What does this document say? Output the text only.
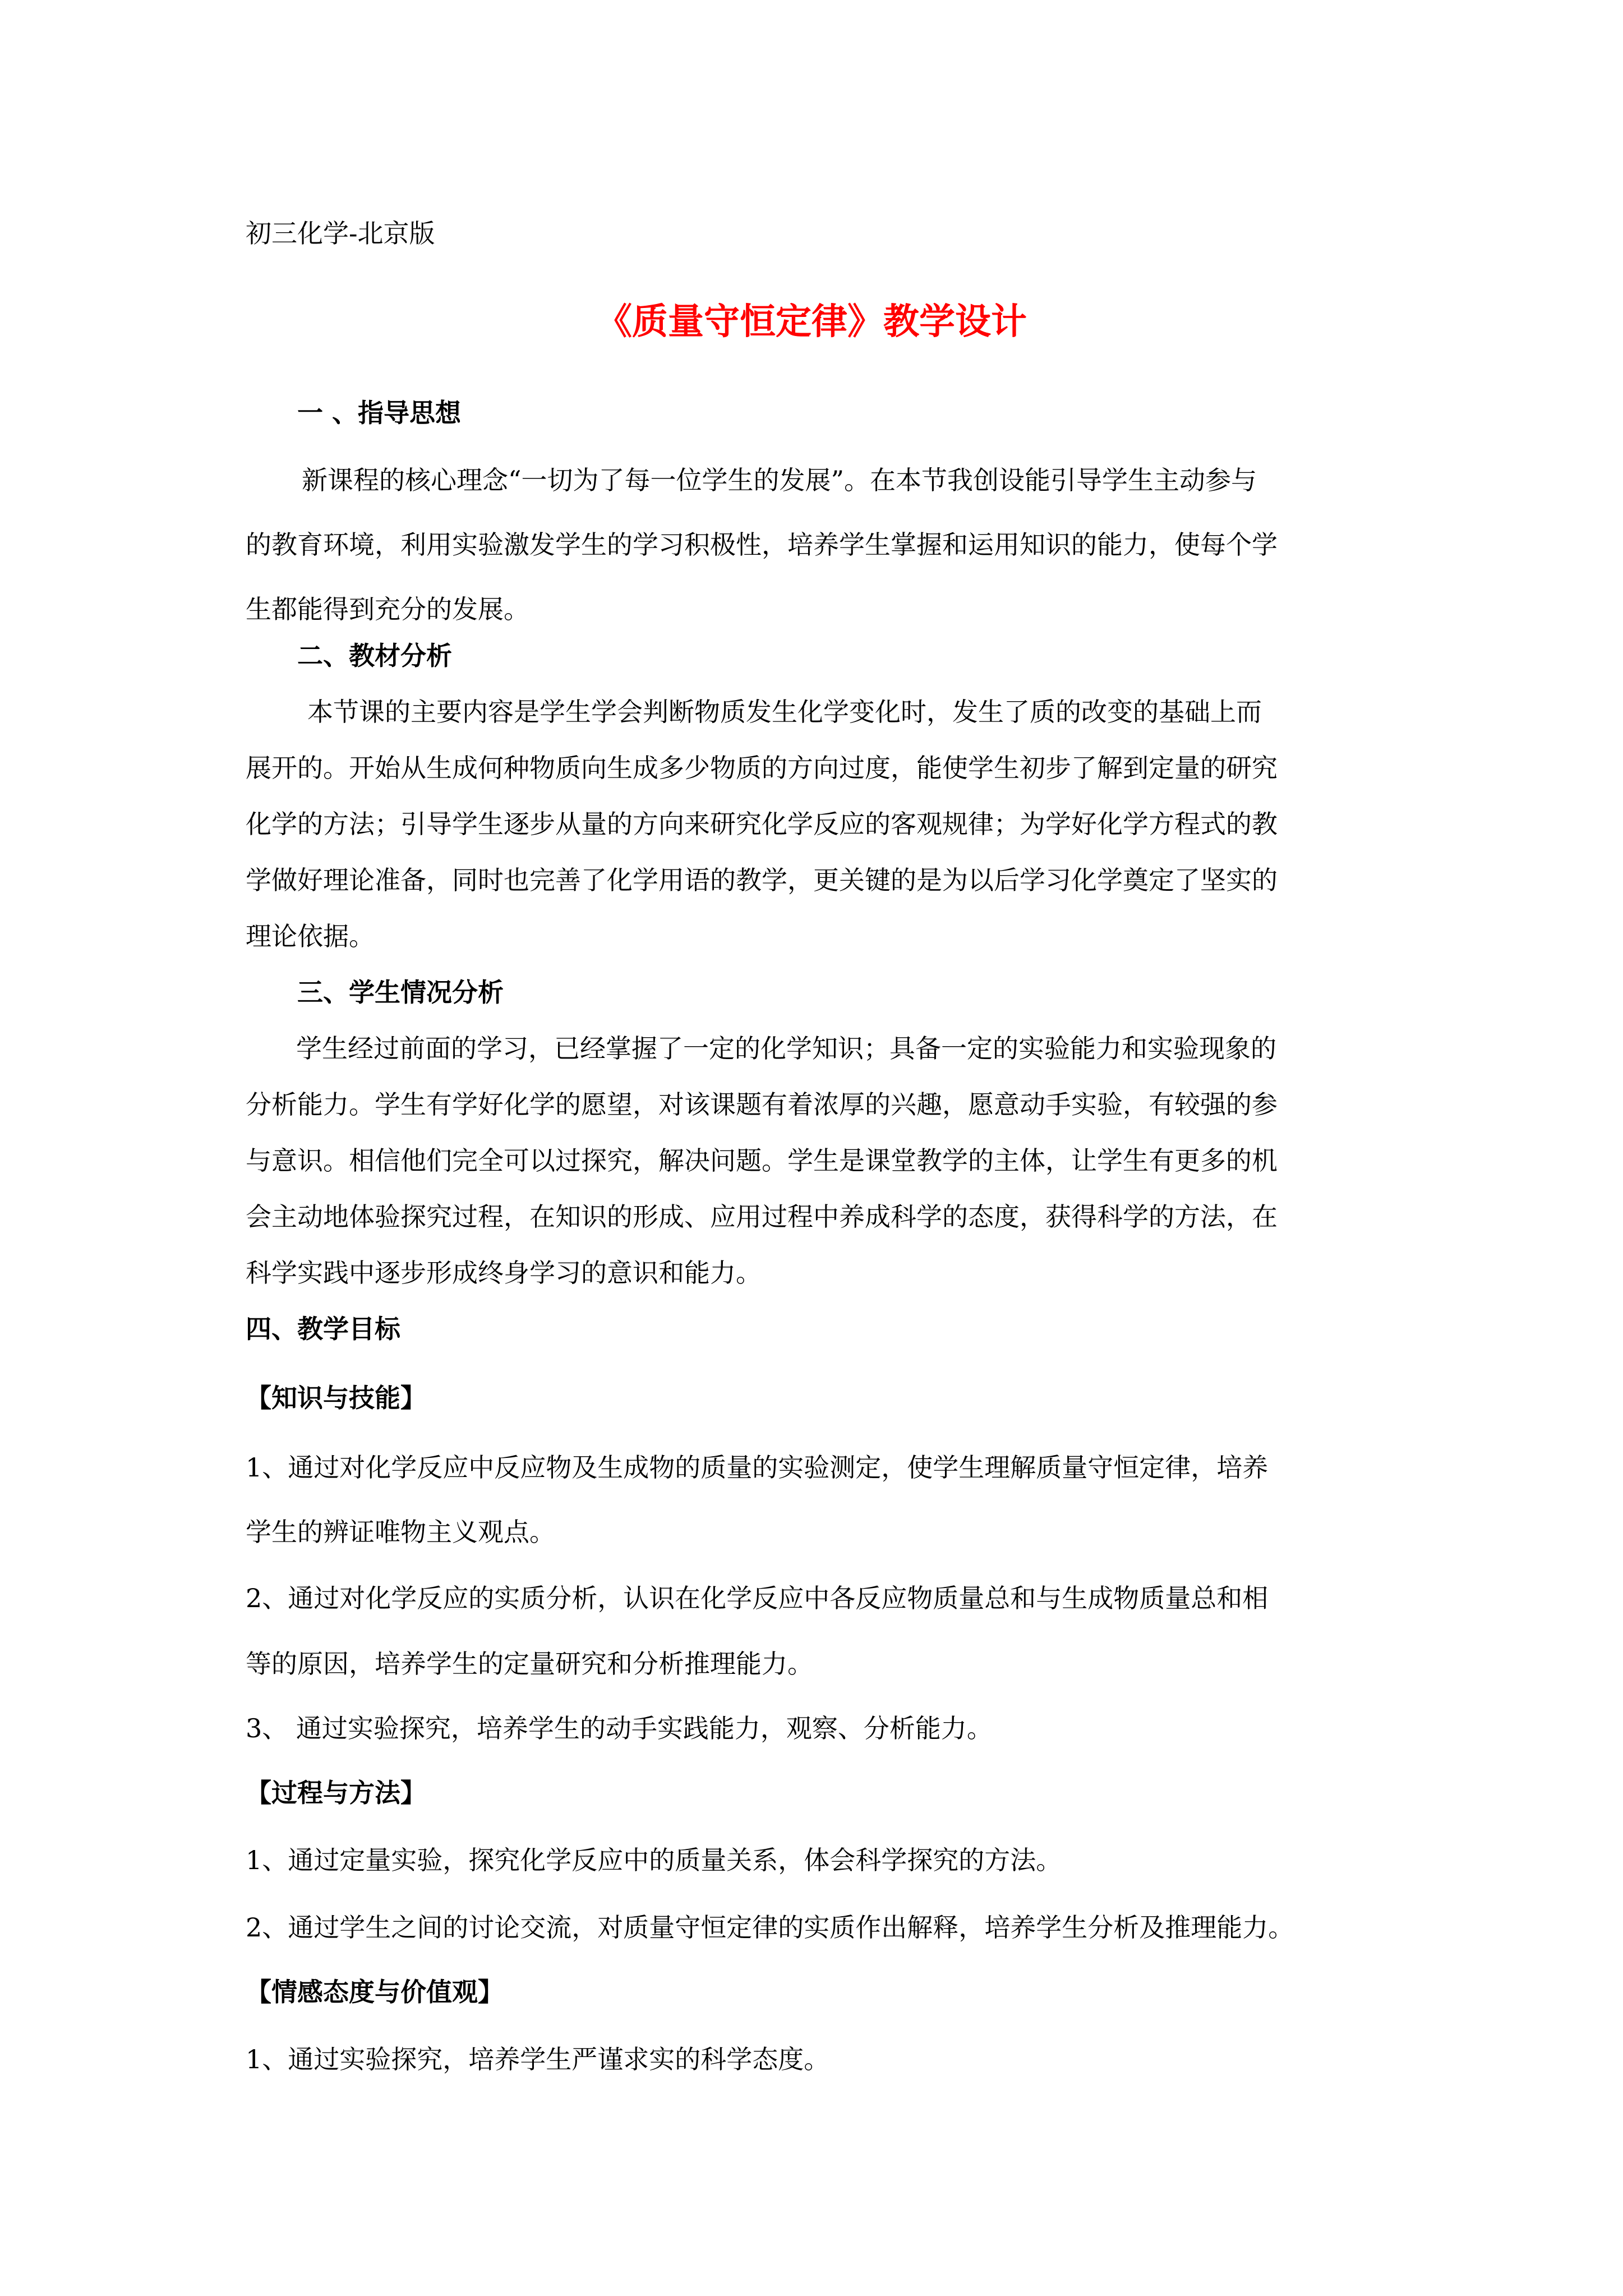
初三化学-北京版

《质量守恒定律》教学设计
一 、指导思想

新课程的核心理念“一切为了每一位学生的发展”。在本节我创设能引导学生主动参与

的教育环境，利用实验激发学生的学习积极性，培养学生掌握和运用知识的能力，使每个学

生都能得到充分的发展。

二、教材分析

本节课的主要内容是学生学会判断物质发生化学变化时，发生了质的改变的基础上而

展开的。开始从生成何种物质向生成多少物质的方向过度，能使学生初步了解到定量的研究

化学的方法；引导学生逐步从量的方向来研究化学反应的客观规律；为学好化学方程式的教

学做好理论准备，同时也完善了化学用语的教学，更关键的是为以后学习化学奠定了坚实的

理论依据。

三、学生情况分析

学生经过前面的学习，已经掌握了一定的化学知识；具备一定的实验能力和实验现象的

分析能力。学生有学好化学的愿望，对该课题有着浓厚的兴趣，愿意动手实验，有较强的参

与意识。相信他们完全可以过探究，解决问题。学生是课堂教学的主体，让学生有更多的机

会主动地体验探究过程，在知识的形成、应用过程中养成科学的态度，获得科学的方法，在

科学实践中逐步形成终身学习的意识和能力。

四、教学目标
【知识与技能】

1、通过对化学反应中反应物及生成物的质量的实验测定，使学生理解质量守恒定律，培养

学生的辨证唯物主义观点。

2、通过对化学反应的实质分析，认识在化学反应中各反应物质量总和与生成物质量总和相

等的原因，培养学生的定量研究和分析推理能力。

3、 通过实验探究，培养学生的动手实践能力，观察、分析能力。

【过程与方法】

1、通过定量实验，探究化学反应中的质量关系，体会科学探究的方法。

2、通过学生之间的讨论交流，对质量守恒定律的实质作出解释，培养学生分析及推理能力。

【情感态度与价值观】

1、通过实验探究，培养学生严谨求实的科学态度。
